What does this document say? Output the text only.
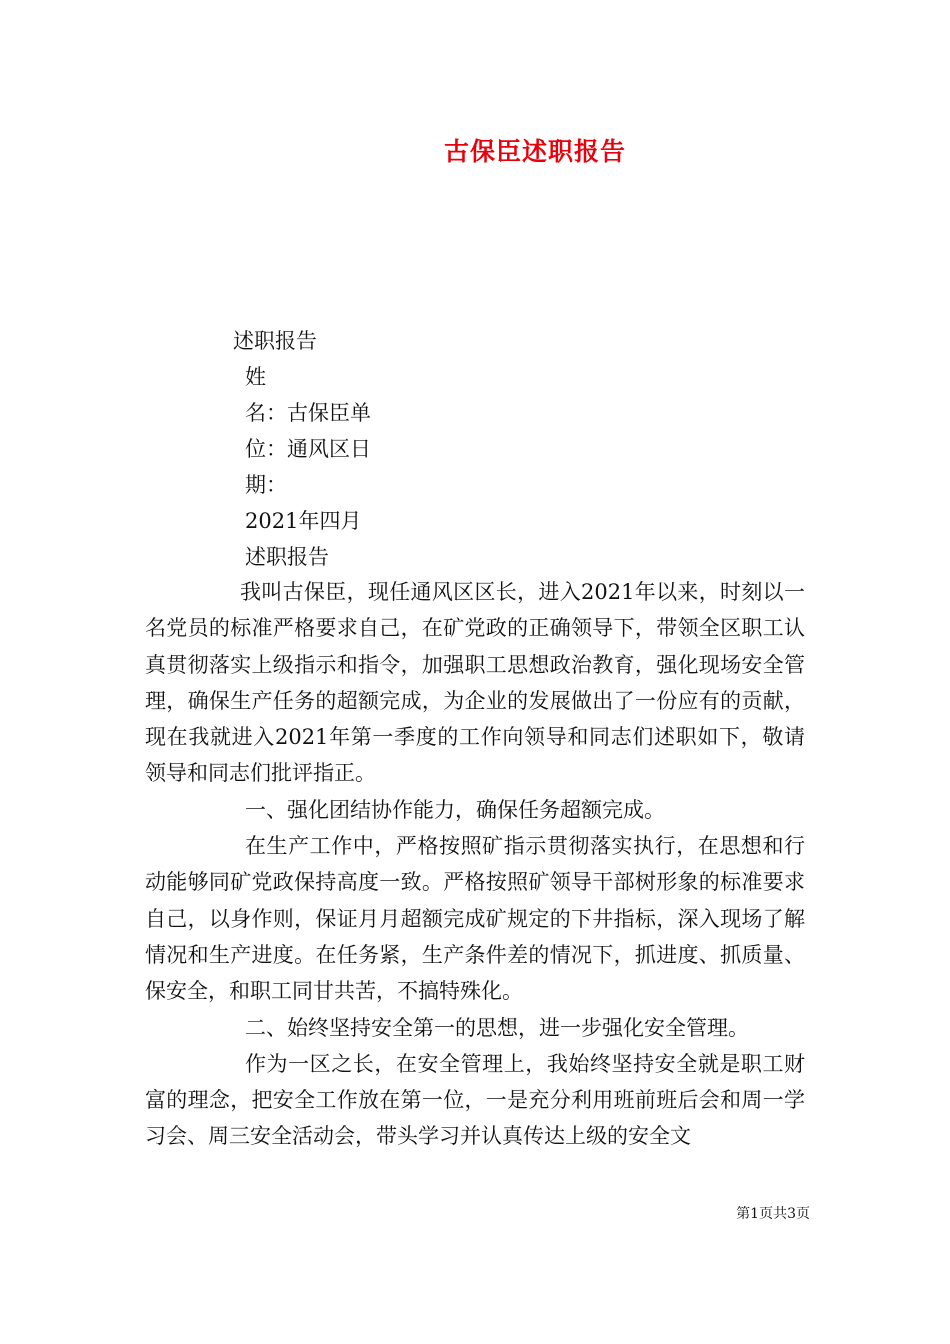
古保臣述职报告
述职报告
姓
名：古保臣单
位：通风区日
期：
2021年四月
述职报告

我叫古保臣，现任通风区区长，进入2021年以来，时刻以一名党员的标准严格要求自己，在矿党政的正确领导下，带领全区职工认真贯彻落实上级指示和指令，加强职工思想政治教育，强化现场安全管理，确保生产任务的超额完成，为企业的发展做出了一份应有的贡献，现在我就进入2021年第一季度的工作向领导和同志们述职如下，敬请领导和同志们批评指正。

一、强化团结协作能力，确保任务超额完成。

在生产工作中，严格按照矿指示贯彻落实执行，在思想和行动能够同矿党政保持高度一致。严格按照矿领导干部树形象的标准要求自己，以身作则，保证月月超额完成矿规定的下井指标，深入现场了解情况和生产进度。在任务紧，生产条件差的情况下，抓进度、抓质量、保安全，和职工同甘共苦，不搞特殊化。

二、始终坚持安全第一的思想，进一步强化安全管理。

作为一区之长，在安全管理上，我始终坚持安全就是职工财富的理念，把安全工作放在第一位，一是充分利用班前班后会和周一学习会、周三安全活动会，带头学习并认真传达上级的安全文

第1页共3页
